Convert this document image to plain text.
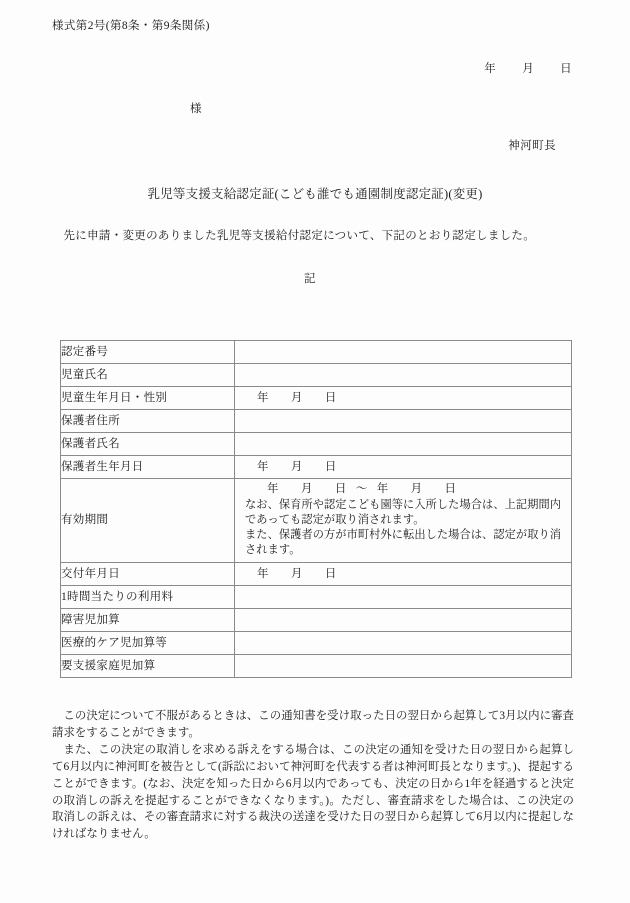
様式第2号(第8条・第9条関係)
年 月 日
様
神河町長
乳児等支援支給認定証(こども誰でも通園制度認定証)(変更)
先に申請・変更のありました乳児等支援給付認定について、下記のとおり認定しました。
記
認定番号	
児童氏名	
児童生年月日・性別	年 月 日
保護者住所	
保護者氏名	
保護者生年月日	年 月 日
有効期間	年 月 日 ～ 年 月 日
なお、保育所や認定こども園等に入所した場合は、上記期間内であっても認定が取り消されます。
また、保護者の方が市町村外に転出した場合は、認定が取り消されます。

交付年月日	年 月 日
1時間当たりの利用料	
障害児加算	
医療的ケア児加算等	
要支援家庭児加算	

この決定について不服があるときは、この通知書を受け取った日の翌日から起算して3月以内に審査請求をすることができます。

また、この決定の取消しを求める訴えをする場合は、この決定の通知を受けた日の翌日から起算して6月以内に神河町を被告として(訴訟において神河町を代表する者は神河町長となります。)、提起することができます。(なお、決定を知った日から6月以内であっても、決定の日から1年を経過すると決定の取消しの訴えを提起することができなくなります。)。ただし、審査請求をした場合は、この決定の取消しの訴えは、その審査請求に対する裁決の送達を受けた日の翌日から起算して6月以内に提起しなければなりません。
